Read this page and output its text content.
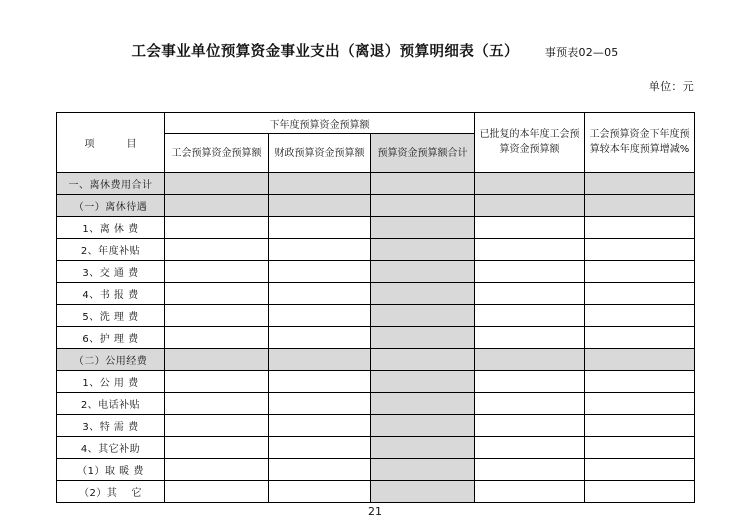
工会事业单位预算资金事业支出（离退）预算明细表（五） 事预表02—05
单位：元
项　　目	下年度预算资金预算额			已批复的本年度工会预算资金预算额	工会预算资金下年度预算较本年度预算增减%
	工会预算资金预算额	财政预算资金预算额	预算资金预算额合计		
一、离休费用合计					
（一）离休待遇					
1、离 休 费					
2、年度补贴					
3、交 通 费					
4、书 报 费					
5、洗 理 费					
6、护 理 费					
（二）公用经费					
1、公 用 费					
2、电话补贴					
3、特 需 费					
4、其它补助					
（1）取 暖 费					
（2）其　 它					
21
